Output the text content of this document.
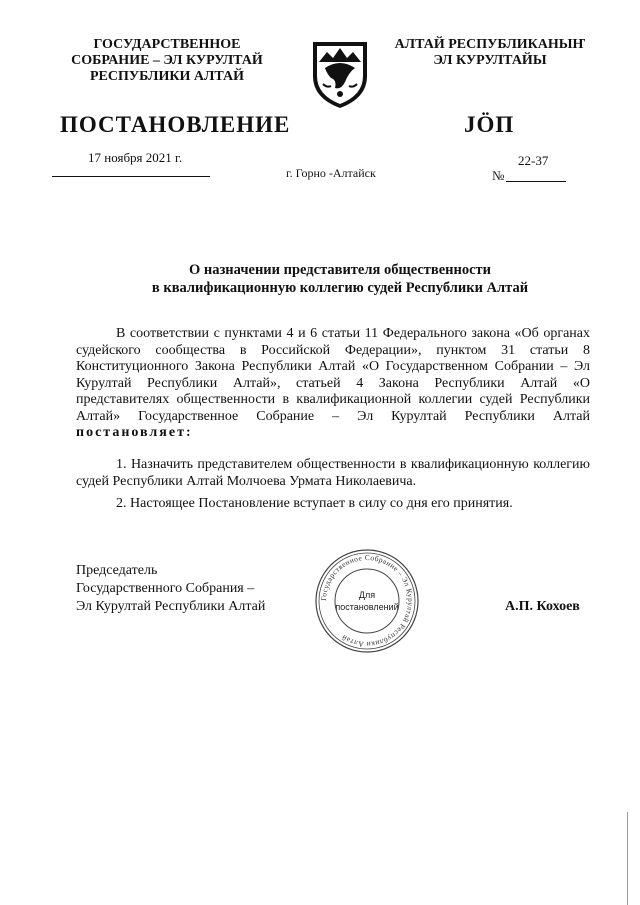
ГОСУДАРСТВЕННОЕ
СОБРАНИЕ – ЭЛ КУРУЛТАЙ
РЕСПУБЛИКИ АЛТАЙ
АЛТАЙ РЕСПУБЛИКАНЫҤ
ЭЛ КУРУЛТАЙЫ
ПОСТАНОВЛЕНИЕ	JӦП
17 ноября 2021 г.
г. Горно -Алтайск
22-37
№
О назначении представителя общественности
в квалификационную коллегию судей Республики Алтай
В соответствии с пунктами 4 и 6 статьи 11 Федерального закона «Об органах судейского сообщества в Российской Федерации», пунктом 31 статьи 8 Конституционного Закона Республики Алтай «О Государственном Собрании – Эл Курултай Республики Алтай», статьей 4 Закона Республики Алтай «О представителях общественности в квалификационной коллегии судей Республики Алтай» Государственное Собрание – Эл Курултай Республики Алтай постановляет:
1. Назначить представителем общественности в квалификационную коллегию судей Республики Алтай Молчоева Урмата Николаевича.
2. Настоящее Постановление вступает в силу со дня его принятия.
Председатель
Государственного Собрания –
Эл Курултай Республики Алтай
Государственное Собрание – Эл Курултай Республики Алтай
Для
постановлений	А.П. Кохоев
